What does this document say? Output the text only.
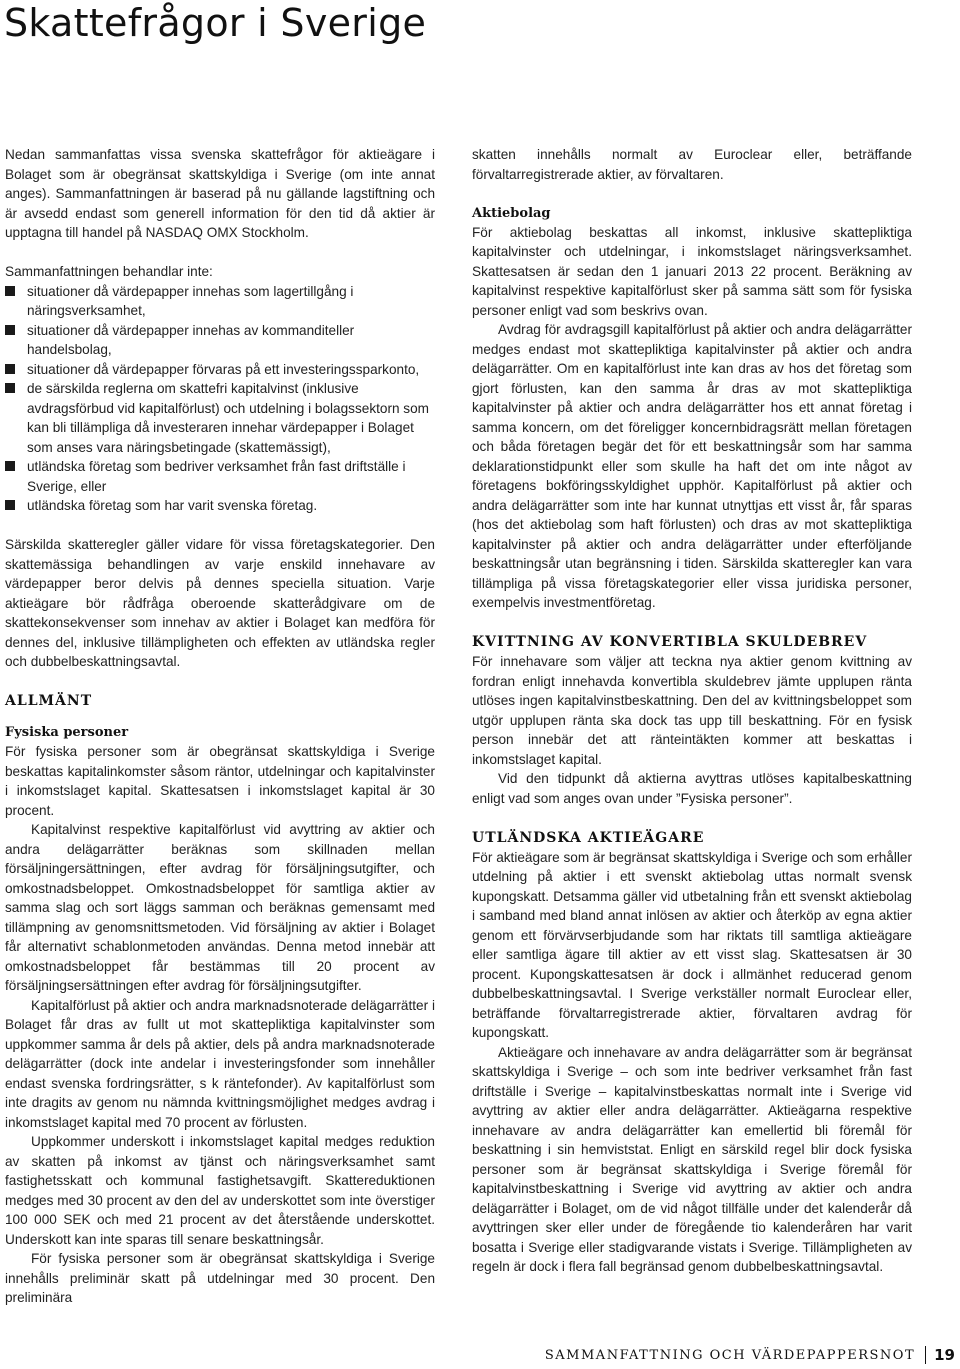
Skattefrågor i Sverige

Nedan sammanfattas vissa svenska skattefrågor för aktieägare i Bolaget som är obegränsat skattskyldiga i Sverige (om inte annat anges). Sammanfattningen är baserad på nu gällande lagstiftning och är avsedd endast som generell information för den tid då aktier är upptagna till handel på NASDAQ OMX Stockholm.

Sammanfattningen behandlar inte:

situationer då värdepapper innehas som lagertillgång i näringsverksamhet,
situationer då värdepapper innehas av kommanditeller handelsbolag,
situationer då värdepapper förvaras på ett investeringssparkonto,
de särskilda reglerna om skattefri kapitalvinst (inklusive avdragsförbud vid kapitalförlust) och utdelning i bolagssektorn som kan bli tillämpliga då investeraren innehar värdepapper i Bolaget som anses vara näringsbetingade (skattemässigt),
utländska företag som bedriver verksamhet från fast driftställe i Sverige, eller
utländska företag som har varit svenska företag.

Särskilda skatteregler gäller vidare för vissa företagskategorier. Den skattemässiga behandlingen av varje enskild innehavare av värdepapper beror delvis på dennes speciella situation. Varje aktieägare bör rådfråga oberoende skatterådgivare om de skattekonsekvenser som innehav av aktier i Bolaget kan medföra för dennes del, inklusive tillämpligheten och effekten av utländska regler och dubbelbeskattningsavtal.

ALLMÄNT
Fysiska personer

För fysiska personer som är obegränsat skattskyldiga i Sverige beskattas kapitalinkomster såsom räntor, utdelningar och kapitalvinster i inkomstslaget kapital. Skattesatsen i inkomstslaget kapital är 30 procent.

Kapitalvinst respektive kapitalförlust vid avyttring av aktier och andra delägarrätter beräknas som skillnaden mellan försäljningersättningen, efter avdrag för försäljningsutgifter, och omkostnadsbeloppet. Omkostnadsbeloppet för samtliga aktier av samma slag och sort läggs samman och beräknas gemensamt med tillämpning av genomsnittsmetoden. Vid försäljning av aktier i Bolaget får alternativt schablonmetoden användas. Denna metod innebär att omkostnadsbeloppet får bestämmas till 20 procent av försäljningsersättningen efter avdrag för försäljningsutgifter.

Kapitalförlust på aktier och andra marknadsnoterade delägarrätter i Bolaget får dras av fullt ut mot skattepliktiga kapitalvinster som uppkommer samma år dels på aktier, dels på andra marknadsnoterade delägarrätter (dock inte andelar i investeringsfonder som innehåller endast svenska fordringsrätter, s k räntefonder). Av kapitalförlust som inte dragits av genom nu nämnda kvittningsmöjlighet medges avdrag i inkomstslaget kapital med 70 procent av förlusten.

Uppkommer underskott i inkomstslaget kapital medges reduktion av skatten på inkomst av tjänst och näringsverksamhet samt fastighetsskatt och kommunal fastighetsavgift. Skattereduktionen medges med 30 procent av den del av underskottet som inte överstiger 100 000 SEK och med 21 procent av det återstående underskottet. Underskott kan inte sparas till senare beskattningsår.

För fysiska personer som är obegränsat skattskyldiga i Sverige innehålls preliminär skatt på utdelningar med 30 procent. Den preliminära

skatten innehålls normalt av Euroclear eller, beträffande förvaltarregistrerade aktier, av förvaltaren.

Aktiebolag

För aktiebolag beskattas all inkomst, inklusive skattepliktiga kapitalvinster och utdelningar, i inkomstslaget näringsverksamhet. Skattesatsen är sedan den 1 januari 2013 22 procent. Beräkning av kapitalvinst respektive kapitalförlust sker på samma sätt som för fysiska personer enligt vad som beskrivs ovan.

Avdrag för avdragsgill kapitalförlust på aktier och andra delägarrätter medges endast mot skattepliktiga kapitalvinster på aktier och andra delägarrätter. Om en kapitalförlust inte kan dras av hos det företag som gjort förlusten, kan den samma år dras av mot skattepliktiga kapitalvinster på aktier och andra delägarrätter hos ett annat företag i samma koncern, om det föreligger koncernbidragsrätt mellan företagen och båda företagen begär det för ett beskattningsår som har samma deklarationstidpunkt eller som skulle ha haft det om inte något av företagens bokföringsskyldighet upphör. Kapitalförlust på aktier och andra delägarrätter som inte har kunnat utnyttjas ett visst år, får sparas (hos det aktiebolag som haft förlusten) och dras av mot skattepliktiga kapitalvinster på aktier och andra delägarrätter under efterföljande beskattningsår utan begränsning i tiden. Särskilda skatteregler kan vara tillämpliga på vissa företagskategorier eller vissa juridiska personer, exempelvis investmentföretag.

KVITTNING AV KONVERTIBLA SKULDEBREV

För innehavare som väljer att teckna nya aktier genom kvittning av fordran enligt innehavda konvertibla skuldebrev jämte upplupen ränta utlöses ingen kapitalvinstbeskattning. Den del av kvittningsbeloppet som utgör upplupen ränta ska dock tas upp till beskattning. För en fysisk person innebär det att ränteintäkten kommer att beskattas i inkomstslaget kapital.

Vid den tidpunkt då aktierna avyttras utlöses kapitalbeskattning enligt vad som anges ovan under ”Fysiska personer”.

UTLÄNDSKA AKTIEÄGARE

För aktieägare som är begränsat skattskyldiga i Sverige och som erhåller utdelning på aktier i ett svenskt aktiebolag uttas normalt svensk kupongskatt. Detsamma gäller vid utbetalning från ett svenskt aktiebolag i samband med bland annat inlösen av aktier och återköp av egna aktier genom ett förvärvserbjudande som har riktats till samtliga aktieägare eller samtliga ägare till aktier av ett visst slag. Skattesatsen är 30 procent. Kupongskattesatsen är dock i allmänhet reducerad genom dubbelbeskattningsavtal. I Sverige verkställer normalt Euroclear eller, beträffande förvaltarregistrerade aktier, förvaltaren avdrag för kupongskatt.

Aktieägare och innehavare av andra delägarrätter som är begränsat skattskyldiga i Sverige – och som inte bedriver verksamhet från fast driftställe i Sverige – kapitalvinstbeskattas normalt inte i Sverige vid avyttring av aktier eller andra delägarrätter. Aktieägarna respektive innehavare av andra delägarrätter kan emellertid bli föremål för beskattning i sin hemviststat. Enligt en särskild regel blir dock fysiska personer som är begränsat skattskyldiga i Sverige föremål för kapitalvinstbeskattning i Sverige vid avyttring av aktier och andra delägarrätter i Bolaget, om de vid något tillfälle under det kalenderår då avyttringen sker eller under de föregående tio kalenderåren har varit bosatta i Sverige eller stadigvarande vistats i Sverige. Tillämpligheten av regeln är dock i flera fall begränsad genom dubbelbeskattningsavtal.

SAMMANFATTNING OCH VÄRDEPAPPERSNOT	19
